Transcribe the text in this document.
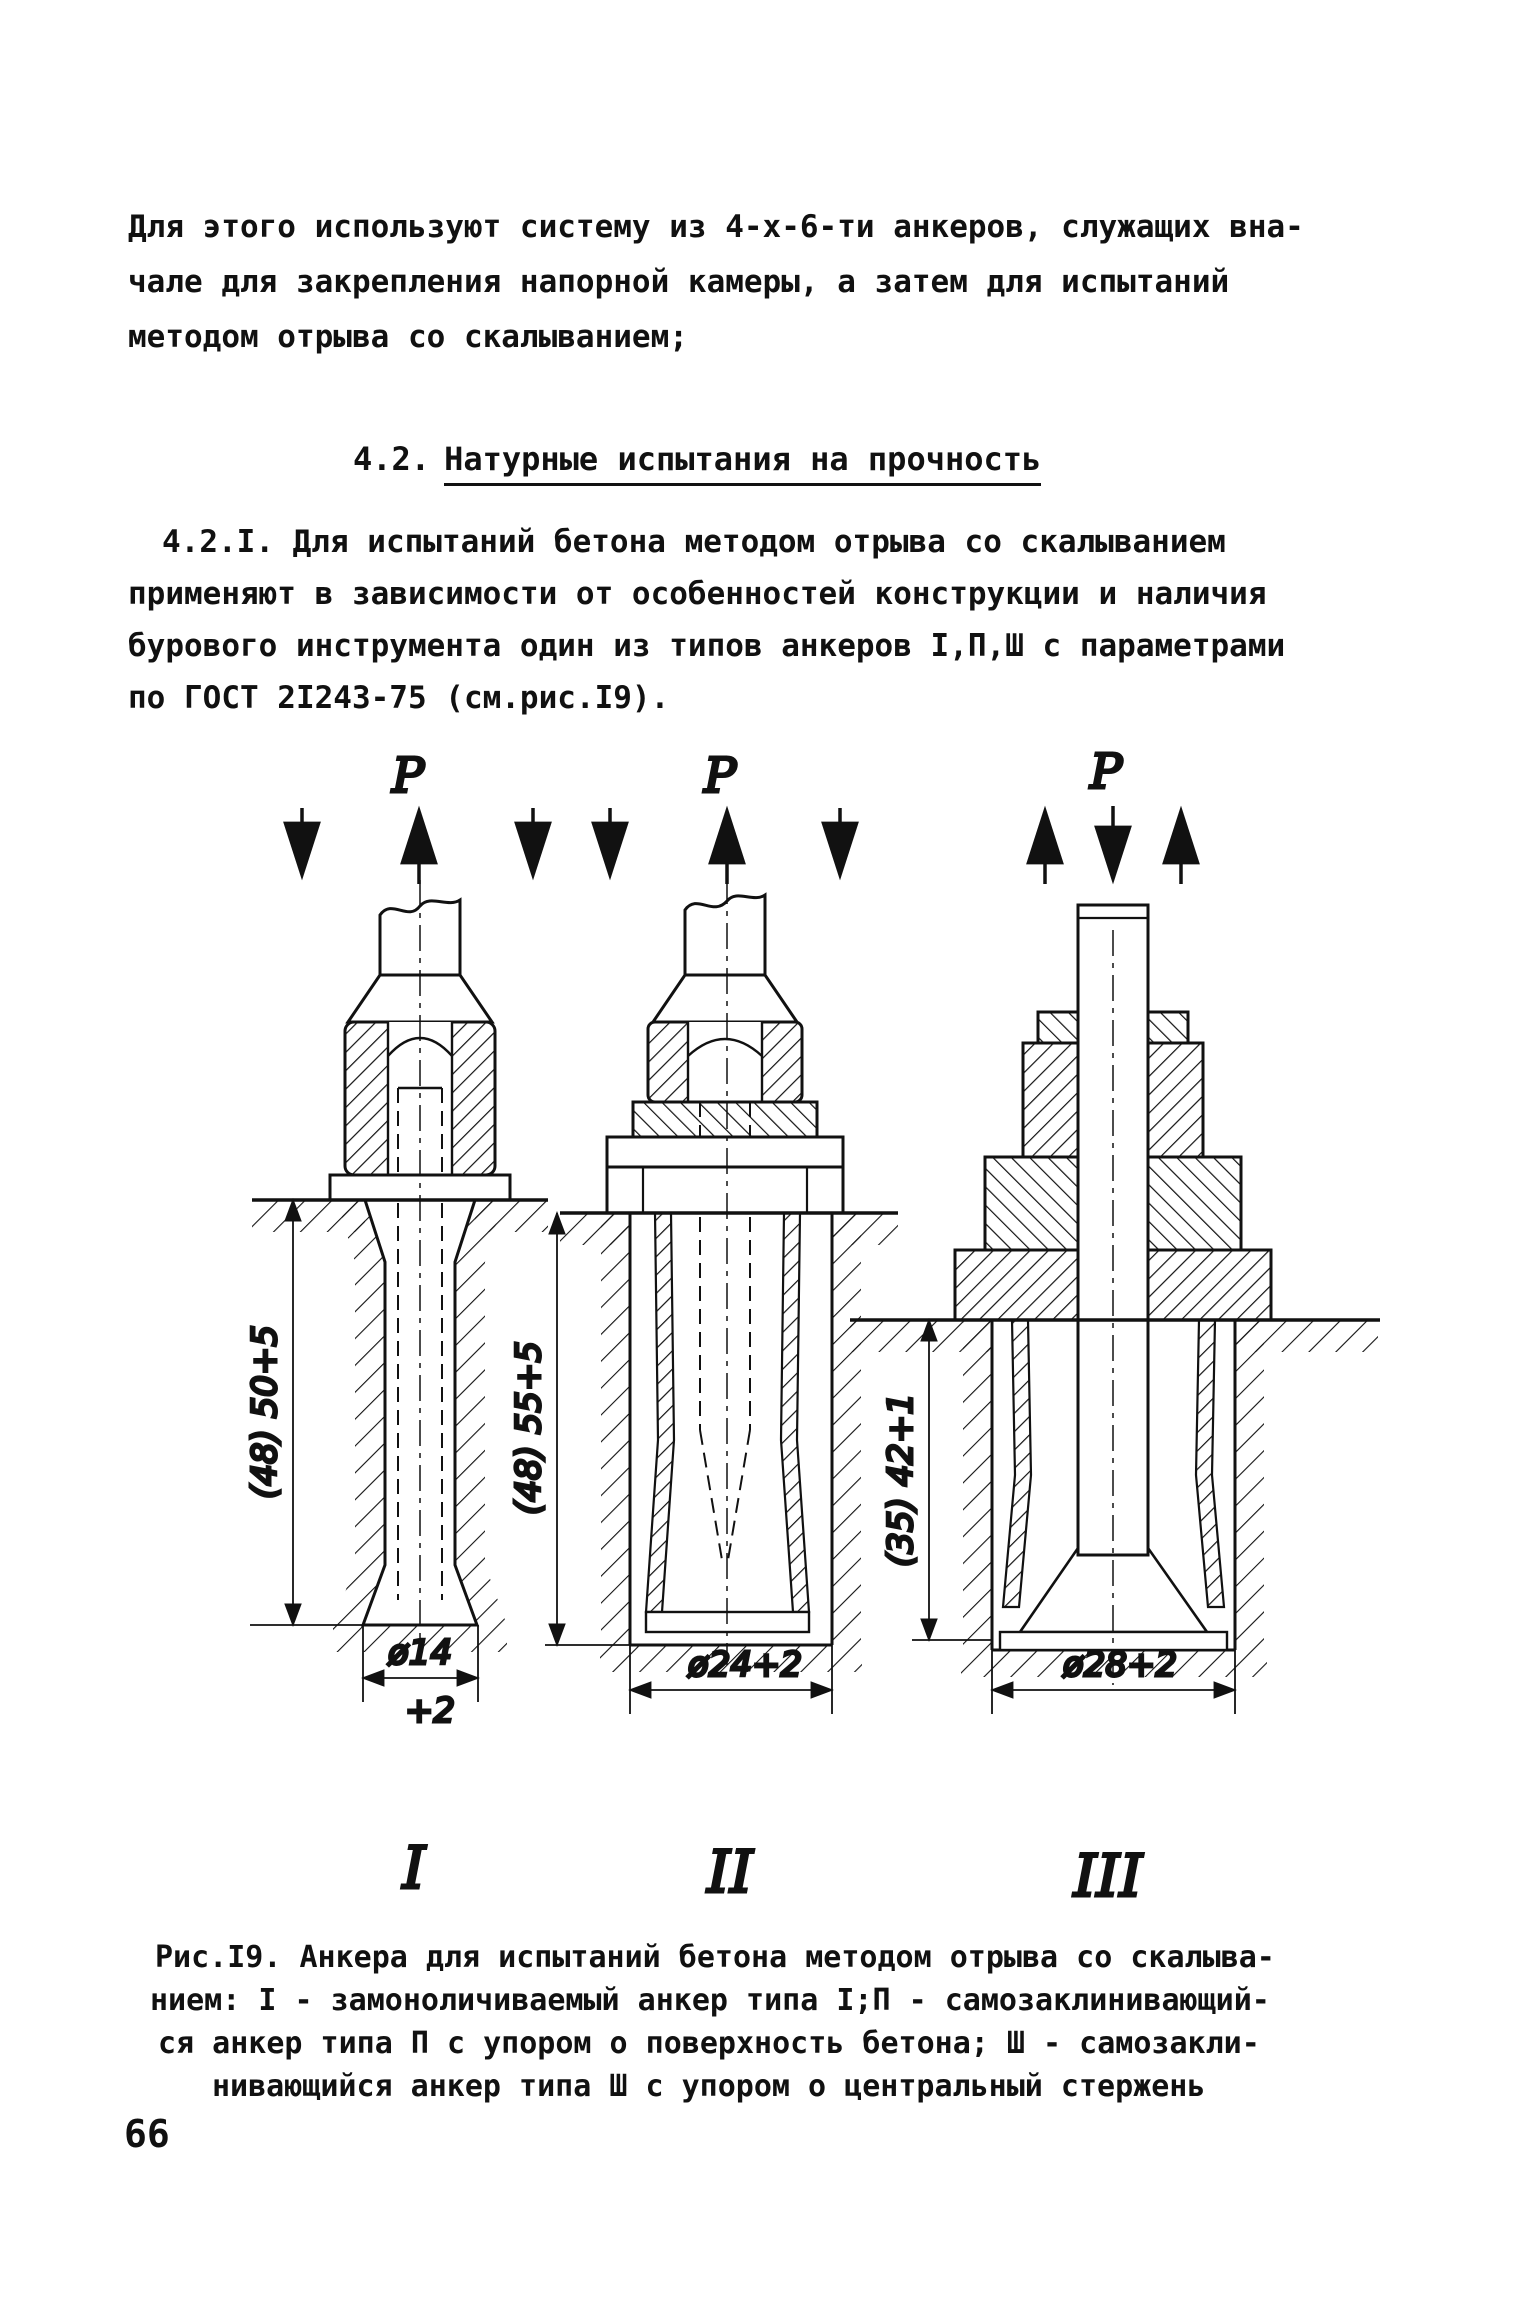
Для этого используют систему из 4-х-6-ти анкеров, служащих вна-
чале для закрепления напорной камеры, а затем для испытаний
методом отрыва со скалыванием;
4.2. Натурные испытания на прочность
4.2.I. Для испытаний бетона методом отрыва со скалыванием
применяют в зависимости от особенностей конструкции и наличия
бурового инструмента один из типов анкеров I,П,Ш с параметрами
по ГОСТ 2I243-75 (см.рис.I9).
P
(48) 50+5
ø14
+2
I
P
(48) 55+5
ø24+2
II
P
(35) 42+1
ø28+2
III
Рис.I9. Анкера для испытаний бетона методом отрыва со скалыва-
нием: I - замоноличиваемый анкер типа I;П - самозаклинивающий-
ся анкер типа П с упором о поверхность бетона; Ш - самозакли-
нивающийся анкер типа Ш с упором о центральный стержень
66
